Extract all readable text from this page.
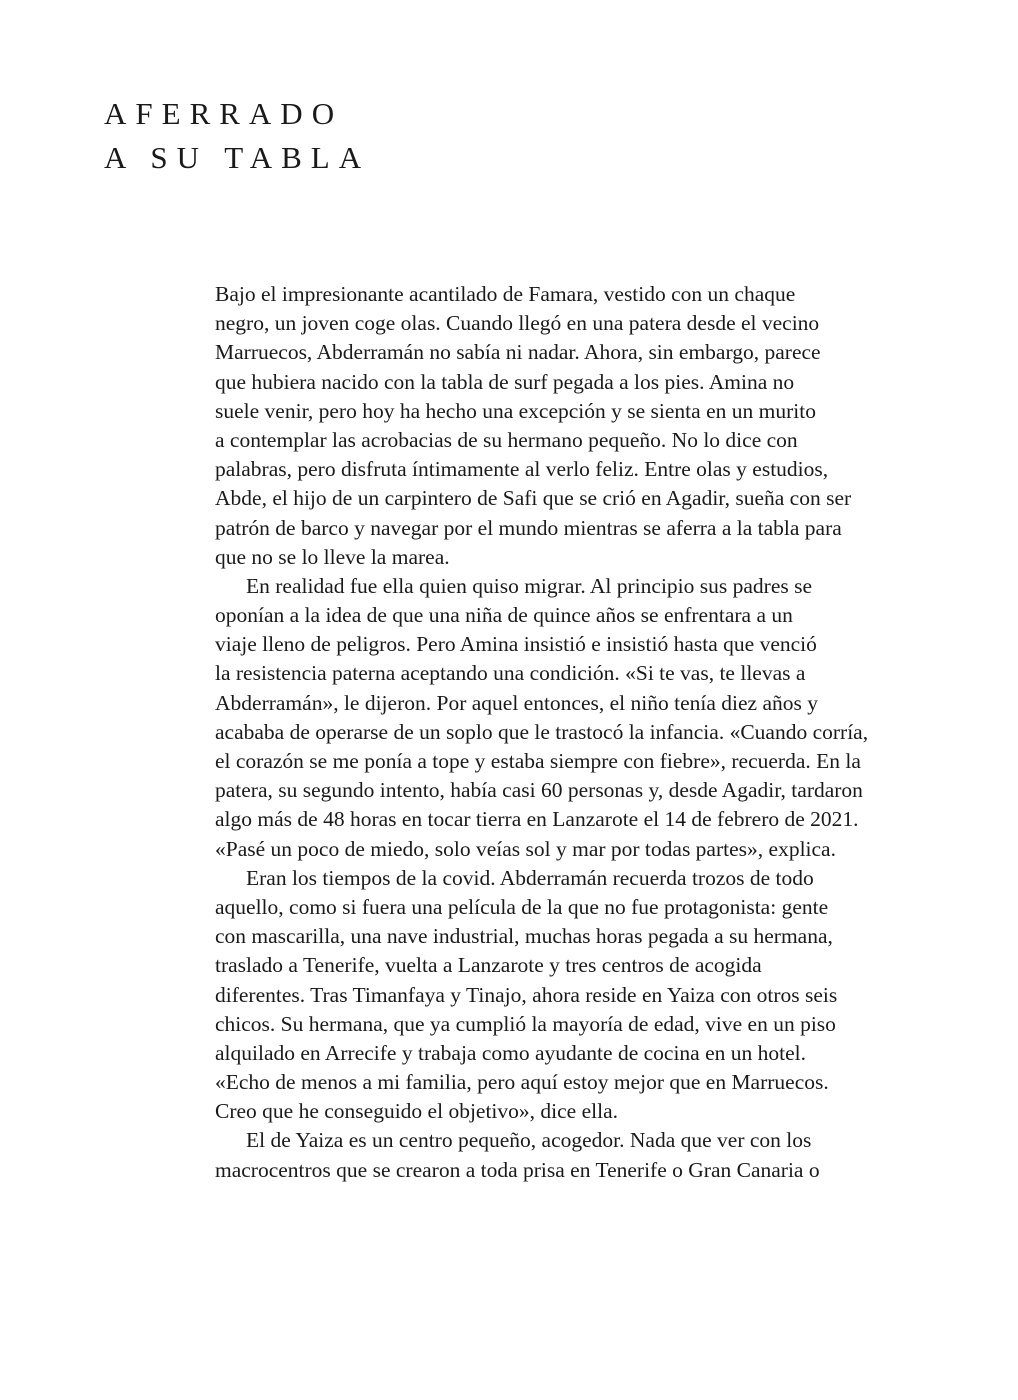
AFERRADO
A SU TABLA
Bajo el impresionante acantilado de Famara, vestido con un chaque
negro, un joven coge olas. Cuando llegó en una patera desde el vecino
Marruecos, Abderramán no sabía ni nadar. Ahora, sin embargo, parece
que hubiera nacido con la tabla de surf pegada a los pies. Amina no
suele venir, pero hoy ha hecho una excepción y se sienta en un murito
a contemplar las acrobacias de su hermano pequeño. No lo dice con
palabras, pero disfruta íntimamente al verlo feliz. Entre olas y estudios,
Abde, el hijo de un carpintero de Safi que se crió en Agadir, sueña con ser
patrón de barco y navegar por el mundo mientras se aferra a la tabla para
que no se lo lleve la marea.
En realidad fue ella quien quiso migrar. Al principio sus padres se
oponían a la idea de que una niña de quince años se enfrentara a un
viaje lleno de peligros. Pero Amina insistió e insistió hasta que venció
la resistencia paterna aceptando una condición. «Si te vas, te llevas a
Abderramán», le dijeron. Por aquel entonces, el niño tenía diez años y
acababa de operarse de un soplo que le trastocó la infancia. «Cuando corría,
el corazón se me ponía a tope y estaba siempre con fiebre», recuerda. En la
patera, su segundo intento, había casi 60 personas y, desde Agadir, tardaron
algo más de 48 horas en tocar tierra en Lanzarote el 14 de febrero de 2021.
«Pasé un poco de miedo, solo veías sol y mar por todas partes», explica.
Eran los tiempos de la covid. Abderramán recuerda trozos de todo
aquello, como si fuera una película de la que no fue protagonista: gente
con mascarilla, una nave industrial, muchas horas pegada a su hermana,
traslado a Tenerife, vuelta a Lanzarote y tres centros de acogida
diferentes. Tras Timanfaya y Tinajo, ahora reside en Yaiza con otros seis
chicos. Su hermana, que ya cumplió la mayoría de edad, vive en un piso
alquilado en Arrecife y trabaja como ayudante de cocina en un hotel.
«Echo de menos a mi familia, pero aquí estoy mejor que en Marruecos.
Creo que he conseguido el objetivo», dice ella.
El de Yaiza es un centro pequeño, acogedor. Nada que ver con los
macrocentros que se crearon a toda prisa en Tenerife o Gran Canaria o
